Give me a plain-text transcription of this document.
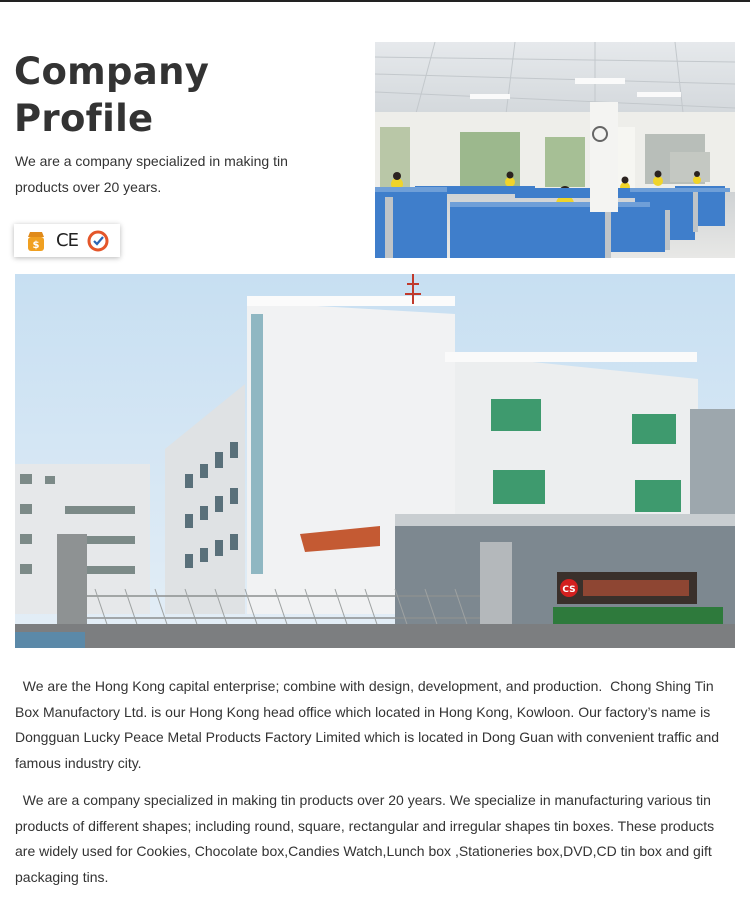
Company
Profile

We are a company specialized in making tin products over 20 years.

$ CE
CS

We are the Hong Kong capital enterprise; combine with design, development, and production.  Chong Shing Tin Box Manufactory Ltd. is our Hong Kong head office which located in Hong Kong, Kowloon. Our factory’s name is Dongguan Lucky Peace Metal Products Factory Limited which is located in Dong Guan with convenient traffic and famous industry city.

We are a company specialized in making tin products over 20 years. We specialize in manufacturing various tin products of different shapes; including round, square, rectangular and irregular shapes tin boxes. These products are widely used for Cookies, Chocolate box,Candies Watch,Lunch box ,Stationeries box,DVD,CD tin box and gift packaging tins.
